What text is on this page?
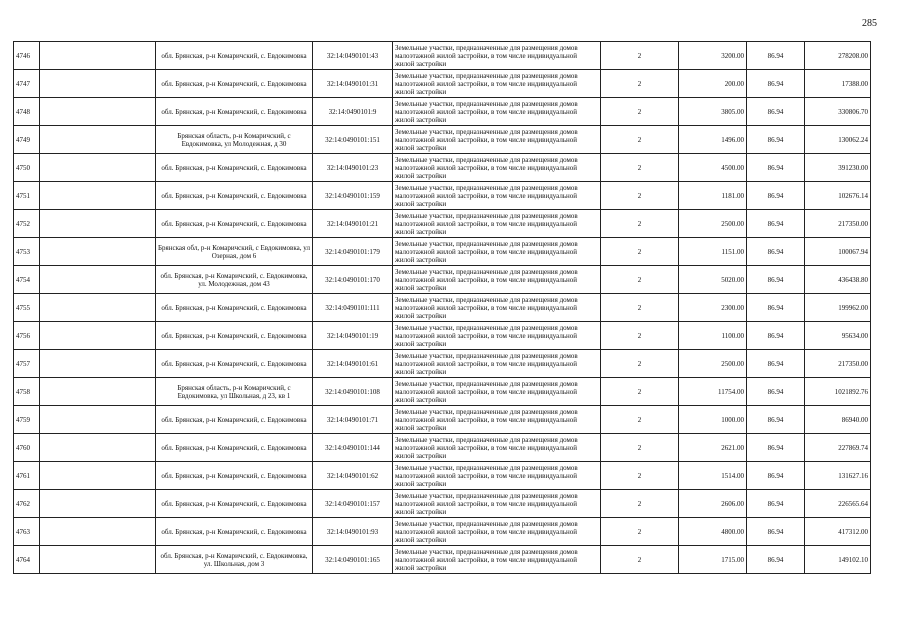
285
4746		обл. Брянская, р-н Комаричский, с. Евдокимовка	32:14:0490101:43	Земельные участки, предназначенные для размещения домов малоэтажной жилой застройки, в том числе индивидуальной жилой застройки	2	3200.00	86.94	278208.00
4747		обл. Брянская, р-н Комаричский, с. Евдокимовка	32:14:0490101:31	Земельные участки, предназначенные для размещения домов малоэтажной жилой застройки, в том числе индивидуальной жилой застройки	2	200.00	86.94	17388.00
4748		обл. Брянская, р-н Комаричский, с. Евдокимовка	32:14:0490101:9	Земельные участки, предназначенные для размещения домов малоэтажной жилой застройки, в том числе индивидуальной жилой застройки	2	3805.00	86.94	330806.70
4749		Брянская область, р-н Комаричский, с Евдокимовка, ул Молодежная, д 30	32:14:0490101:151	Земельные участки, предназначенные для размещения домов малоэтажной жилой застройки, в том числе индивидуальной жилой застройки	2	1496.00	86.94	130062.24
4750		обл. Брянская, р-н Комаричский, с. Евдокимовка	32:14:0490101:23	Земельные участки, предназначенные для размещения домов малоэтажной жилой застройки, в том числе индивидуальной жилой застройки	2	4500.00	86.94	391230.00
4751		обл. Брянская, р-н Комаричский, с. Евдокимовка	32:14:0490101:159	Земельные участки, предназначенные для размещения домов малоэтажной жилой застройки, в том числе индивидуальной жилой застройки	2	1181.00	86.94	102676.14
4752		обл. Брянская, р-н Комаричский, с. Евдокимовка	32:14:0490101:21	Земельные участки, предназначенные для размещения домов малоэтажной жилой застройки, в том числе индивидуальной жилой застройки	2	2500.00	86.94	217350.00
4753		Брянская обл, р-н Комаричский, с Евдокимовка, ул Озерная, дом 6	32:14:0490101:179	Земельные участки, предназначенные для размещения домов малоэтажной жилой застройки, в том числе индивидуальной жилой застройки	2	1151.00	86.94	100067.94
4754		обл. Брянская, р-н Комаричский, с. Евдокимовка, ул. Молодежная, дом 43	32:14:0490101:170	Земельные участки, предназначенные для размещения домов малоэтажной жилой застройки, в том числе индивидуальной жилой застройки	2	5020.00	86.94	436438.80
4755		обл. Брянская, р-н Комаричский, с. Евдокимовка	32:14:0490101:111	Земельные участки, предназначенные для размещения домов малоэтажной жилой застройки, в том числе индивидуальной жилой застройки	2	2300.00	86.94	199962.00
4756		обл. Брянская, р-н Комаричский, с. Евдокимовка	32:14:0490101:19	Земельные участки, предназначенные для размещения домов малоэтажной жилой застройки, в том числе индивидуальной жилой застройки	2	1100.00	86.94	95634.00
4757		обл. Брянская, р-н Комаричский, с. Евдокимовка	32:14:0490101:61	Земельные участки, предназначенные для размещения домов малоэтажной жилой застройки, в том числе индивидуальной жилой застройки	2	2500.00	86.94	217350.00
4758		Брянская область, р-н Комаричский, с Евдокимовка, ул Школьная, д 23, кв 1	32:14:0490101:108	Земельные участки, предназначенные для размещения домов малоэтажной жилой застройки, в том числе индивидуальной жилой застройки	2	11754.00	86.94	1021892.76
4759		обл. Брянская, р-н Комаричский, с. Евдокимовка	32:14:0490101:71	Земельные участки, предназначенные для размещения домов малоэтажной жилой застройки, в том числе индивидуальной жилой застройки	2	1000.00	86.94	86940.00
4760		обл. Брянская, р-н Комаричский, с. Евдокимовка	32:14:0490101:144	Земельные участки, предназначенные для размещения домов малоэтажной жилой застройки, в том числе индивидуальной жилой застройки	2	2621.00	86.94	227869.74
4761		обл. Брянская, р-н Комаричский, с. Евдокимовка	32:14:0490101:62	Земельные участки, предназначенные для размещения домов малоэтажной жилой застройки, в том числе индивидуальной жилой застройки	2	1514.00	86.94	131627.16
4762		обл. Брянская, р-н Комаричский, с. Евдокимовка	32:14:0490101:157	Земельные участки, предназначенные для размещения домов малоэтажной жилой застройки, в том числе индивидуальной жилой застройки	2	2606.00	86.94	226565.64
4763		обл. Брянская, р-н Комаричский, с. Евдокимовка	32:14:0490101:93	Земельные участки, предназначенные для размещения домов малоэтажной жилой застройки, в том числе индивидуальной жилой застройки	2	4800.00	86.94	417312.00
4764		обл. Брянская, р-н Комаричский, с. Евдокимовка, ул. Школьная, дом 3	32:14:0490101:165	Земельные участки, предназначенные для размещения домов малоэтажной жилой застройки, в том числе индивидуальной жилой застройки	2	1715.00	86.94	149102.10
